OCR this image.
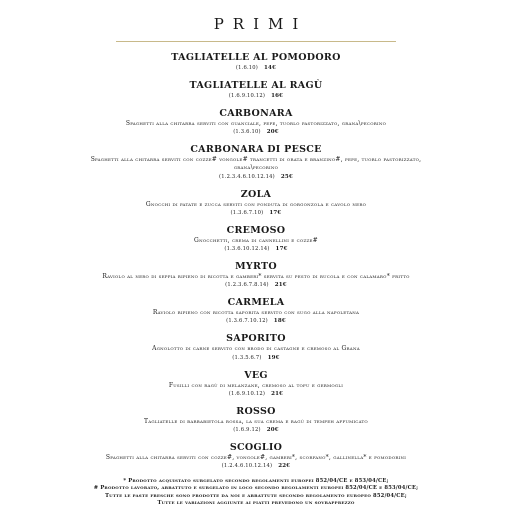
PRIMI
TAGLIATELLE AL POMODORO
(1.6.10) 14€
TAGLIATELLE AL RAGÙ
(1.6.9.10.12) 16€
CARBONARA
Spaghetti alla chitarra serviti con guanciale, pepe, tuorlo pastorizzato, grana\pecorino
(1.3.6.10) 20€
CARBONARA DI PESCE
Spaghetti alla chitarra serviti con cozze# vongole# trancetti di orata e branzino#, pepe, tuorlo pastorizzato, grana\pecorino
(1.2.3.4.6.10.12.14) 25€
ZOLA
Gnocchi di patate e zucca serviti con fonduta di gorgonzola e cavolo nero
(1.3.6.7.10) 17€
CREMOSO
Gnocchetti, crema di cannellini e cozze#
(1.3.6.10.12.14) 17€
MYRTO
Raviolo al nero di seppia ripieno di ricotta e gamberi* servita su pesto di rucola e con calamaro* fritto
(1.2.3.6.7.8.14) 21€
CARMELA
Raviolo ripieno con ricotta saporita servito con sugo alla napoletana
(1.3.6.7.10.12) 18€
SAPORITO
Agnolotto di carne servito con brodo di castagne e cremoso al Grana
(1.3.5.6.7) 19€
VEG
Fusilli con ragù di melanzane, cremoso al tofu e germogli
(1.6.9.10.12) 21€
ROSSO
Tagliatelle di barbabietola rossa, la sua crema e ragù di tempeh affumicato
(1.6.9.12) 20€
SCOGLIO
Spaghetti alla chitarra serviti con cozze#, vongole#, gamberi*, scorfano*, gallinella* e pomodorini
(1.2.4.6.10.12.14) 22€
* Prodotto acquistato surgelato secondo regolamenti europei 852/04/CE e 853/04/CE;
# Prodotto lavorato, abbattuto e surgelato in loco secondo regolamenti europei 852/04/CE e 853/04/CE;
Tutte le paste fresche sono prodotte da noi e abbattute secondo regolamento europeo 852/04/CE;
Tutte le variazioni aggiunte ai piatti prevedono un sovrapprezzo
